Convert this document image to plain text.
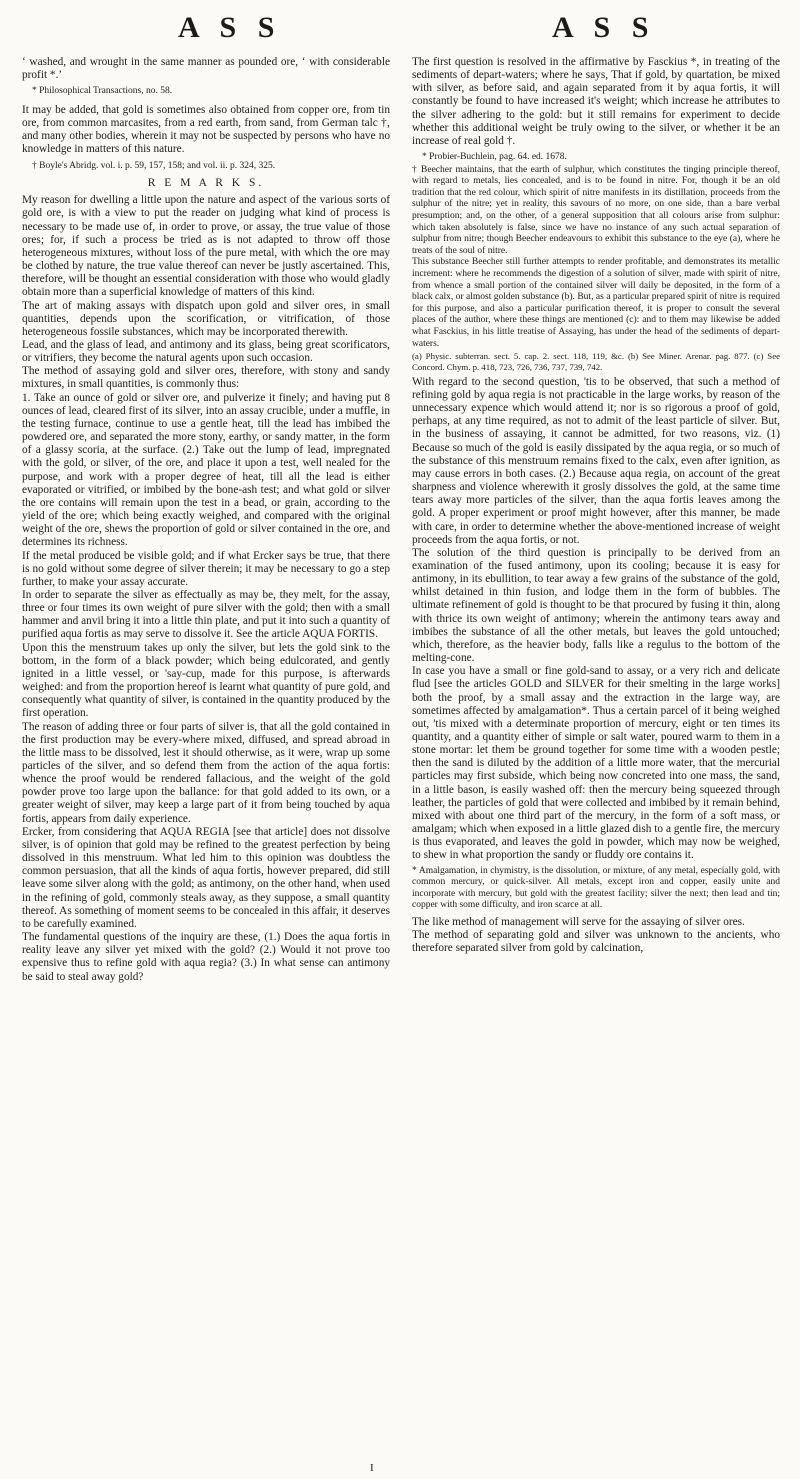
A S S	A S S

‘ washed, and wrought in the same manner as pounded ore, ‘ with considerable profit *.’

* Philosophical Transactions, no. 58.

It may be added, that gold is sometimes also obtained from copper ore, from tin ore, from common marcasites, from a red earth, from sand, from German talc †, and many other bodies, wherein it may not be suspected by persons who have no knowledge in matters of this nature.

† Boyle's Abridg. vol. i. p. 59, 157, 158; and vol. ii. p. 324, 325.

R E M A R K S.

My reason for dwelling a little upon the nature and aspect of the various sorts of gold ore, is with a view to put the reader on judging what kind of process is necessary to be made use of, in order to prove, or assay, the true value of those ores; for, if such a process be tried as is not adapted to throw off those heterogeneous mixtures, without loss of the pure metal, with which the ore may be clothed by nature, the true value thereof can never be justly ascertained. This, therefore, will be thought an essential consideration with those who would gladly obtain more than a superficial knowledge of matters of this kind.

The art of making assays with dispatch upon gold and silver ores, in small quantities, depends upon the scorification, or vitrification, of those heterogeneous fossile substances, which may be incorporated therewith.

Lead, and the glass of lead, and antimony and its glass, being great scorificators, or vitrifiers, they become the natural agents upon such occasion.

The method of assaying gold and silver ores, therefore, with stony and sandy mixtures, in small quantities, is commonly thus:

1. Take an ounce of gold or silver ore, and pulverize it finely; and having put 8 ounces of lead, cleared first of its silver, into an assay crucible, under a muffle, in the testing furnace, continue to use a gentle heat, till the lead has imbibed the powdered ore, and separated the more stony, earthy, or sandy matter, in the form of a glassy scoria, at the surface. (2.) Take out the lump of lead, impregnated with the gold, or silver, of the ore, and place it upon a test, well nealed for the purpose, and work with a proper degree of heat, till all the lead is either evaporated or vitrified, or imbibed by the bone-ash test; and what gold or silver the ore contains will remain upon the test in a bead, or grain, according to the yield of the ore; which being exactly weighed, and compared with the original weight of the ore, shews the proportion of gold or silver contained in the ore, and determines its richness.

If the metal produced be visible gold; and if what Ercker says be true, that there is no gold without some degree of silver therein; it may be necessary to go a step further, to make your assay accurate.

In order to separate the silver as effectually as may be, they melt, for the assay, three or four times its own weight of pure silver with the gold; then with a small hammer and anvil bring it into a little thin plate, and put it into such a quantity of purified aqua fortis as may serve to dissolve it. See the article AQUA FORTIS.

Upon this the menstruum takes up only the silver, but lets the gold sink to the bottom, in the form of a black powder; which being edulcorated, and gently ignited in a little vessel, or 'say-cup, made for this purpose, is afterwards weighed: and from the proportion hereof is learnt what quantity of pure gold, and consequently what quantity of silver, is contained in the quantity produced by the first operation.

The reason of adding three or four parts of silver is, that all the gold contained in the first production may be every-where mixed, diffused, and spread abroad in the little mass to be dissolved, lest it should otherwise, as it were, wrap up some particles of the silver, and so defend them from the action of the aqua fortis: whence the proof would be rendered fallacious, and the weight of the gold powder prove too large upon the ballance: for that gold added to its own, or a greater weight of silver, may keep a large part of it from being touched by aqua fortis, appears from daily experience.

Ercker, from considering that AQUA REGIA [see that article] does not dissolve silver, is of opinion that gold may be refined to the greatest perfection by being dissolved in this menstruum. What led him to this opinion was doubtless the common persuasion, that all the kinds of aqua fortis, however prepared, did still leave some silver along with the gold; as antimony, on the other hand, when used in the refining of gold, commonly steals away, as they suppose, a small quantity thereof. As something of moment seems to be concealed in this affair, it deserves to be carefully examined.

The fundamental questions of the inquiry are these, (1.) Does the aqua fortis in reality leave any silver yet mixed with the gold? (2.) Would it not prove too expensive thus to refine gold with aqua regia? (3.) In what sense can antimony be said to steal away gold?

The first question is resolved in the affirmative by Fasckius *, in treating of the sediments of depart-waters; where he says, That if gold, by quartation, be mixed with silver, as before said, and again separated from it by aqua fortis, it will constantly be found to have increased it's weight; which increase he attributes to the silver adhering to the gold: but it still remains for experiment to decide whether this additional weight be truly owing to the silver, or whether it be an increase of real gold †.

* Probier-Buchlein, pag. 64. ed. 1678.

† Beecher maintains, that the earth of sulphur, which constitutes the tinging principle thereof, with regard to metals, lies concealed, and is to be found in nitre. For, though it be an old tradition that the red colour, which spirit of nitre manifests in its distillation, proceeds from the sulphur of the nitre; yet in reality, this savours of no more, on one side, than a bare verbal presumption; and, on the other, of a general supposition that all colours arise from sulphur: which taken absolutely is false, since we have no instance of any such actual separation of sulphur from nitre; though Beecher endeavours to exhibit this substance to the eye (a), where he treats of the soul of nitre.

This substance Beecher still further attempts to render profitable, and demonstrates its metallic increment: where he recommends the digestion of a solution of silver, made with spirit of nitre, from whence a small portion of the contained silver will daily be deposited, in the form of a black calx, or almost golden substance (b). But, as a particular prepared spirit of nitre is required for this purpose, and also a particular purification thereof, it is proper to consult the several places of the author, where these things are mentioned (c): and to them may likewise be added what Fasckius, in his little treatise of Assaying, has under the head of the sediments of depart-waters.

(a) Physic. subterran. sect. 5. cap. 2. sect. 118, 119, &c. (b) See Miner. Arenar. pag. 877. (c) See Concord. Chym. p. 418, 723, 726, 736, 737, 739, 742.

With regard to the second question, 'tis to be observed, that such a method of refining gold by aqua regia is not practicable in the large works, by reason of the unnecessary expence which would attend it; nor is so rigorous a proof of gold, perhaps, at any time required, as not to admit of the least particle of silver. But, in the business of assaying, it cannot be admitted, for two reasons, viz. (1) Because so much of the gold is easily dissipated by the aqua regia, or so much of the substance of this menstruum remains fixed to the calx, even after ignition, as may cause errors in both cases. (2.) Because aqua regia, on account of the great sharpness and violence wherewith it grosly dissolves the gold, at the same time tears away more particles of the silver, than the aqua fortis leaves among the gold. A proper experiment or proof might however, after this manner, be made with care, in order to determine whether the above-mentioned increase of weight proceeds from the aqua fortis, or not.

The solution of the third question is principally to be derived from an examination of the fused antimony, upon its cooling; because it is easy for antimony, in its ebullition, to tear away a few grains of the substance of the gold, whilst detained in thin fusion, and lodge them in the form of bubbles. The ultimate refinement of gold is thought to be that procured by fusing it thin, along with thrice its own weight of antimony; wherein the antimony tears away and imbibes the substance of all the other metals, but leaves the gold untouched; which, therefore, as the heavier body, falls like a regulus to the bottom of the melting-cone.

In case you have a small or fine gold-sand to assay, or a very rich and delicate flud [see the articles GOLD and SILVER for their smelting in the large works] both the proof, by a small assay and the extraction in the large way, are sometimes affected by amalgamation*. Thus a certain parcel of it being weighed out, 'tis mixed with a determinate proportion of mercury, eight or ten times its quantity, and a quantity either of simple or salt water, poured warm to them in a stone mortar: let them be ground together for some time with a wooden pestle; then the sand is diluted by the addition of a little more water, that the mercurial particles may first subside, which being now concreted into one mass, the sand, in a little bason, is easily washed off: then the mercury being squeezed through leather, the particles of gold that were collected and imbibed by it remain behind, mixed with about one third part of the mercury, in the form of a soft mass, or amalgam; which when exposed in a little glazed dish to a gentle fire, the mercury is thus evaporated, and leaves the gold in powder, which may now be weighed, to shew in what proportion the sandy or fluddy ore contains it.

* Amalgamation, in chymistry, is the dissolution, or mixture, of any metal, especially gold, with common mercury, or quick-silver. All metals, except iron and copper, easily unite and incorporate with mercury, but gold with the greatest facility; silver the next; then lead and tin; copper with some difficulty, and iron scarce at all.

The like method of management will serve for the assaying of silver ores.

The method of separating gold and silver was unknown to the ancients, who therefore separated silver from gold by calcination,

I
